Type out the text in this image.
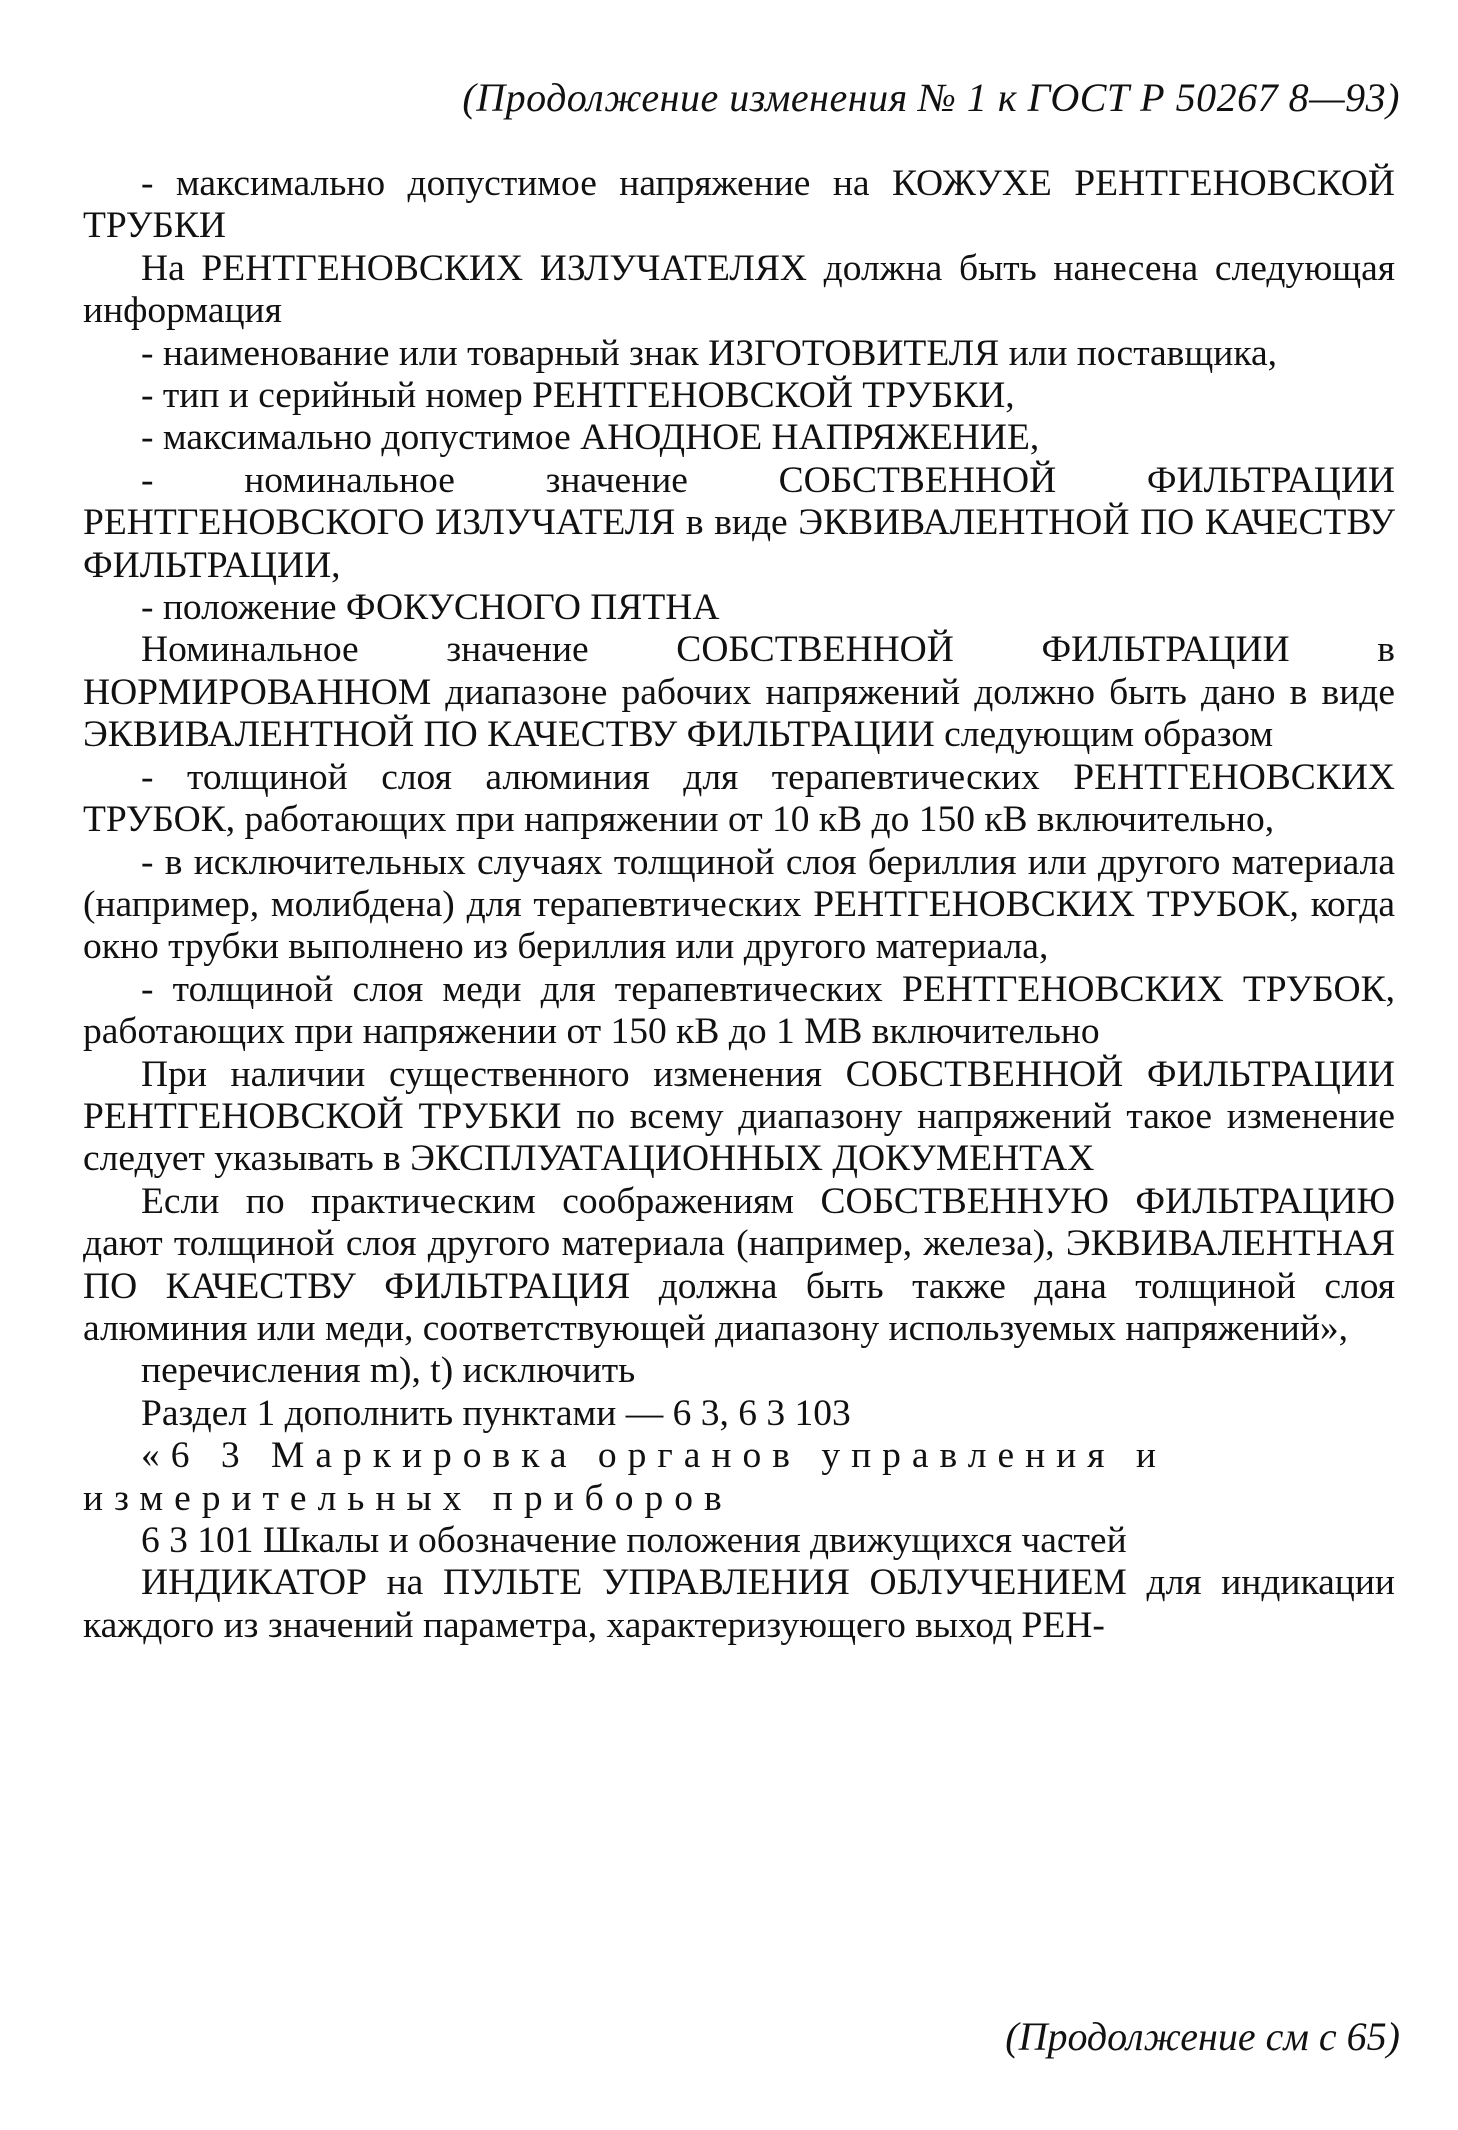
(Продолжение изменения № 1 к ГОСТ Р 50267 8—93)

- максимально допустимое напряжение на КОЖУХЕ РЕНТГЕНОВСКОЙ ТРУБКИ

На РЕНТГЕНОВСКИХ ИЗЛУЧАТЕЛЯХ должна быть нанесена следующая информация

- наименование или товарный знак ИЗГОТОВИТЕЛЯ или поставщика,

- тип и серийный номер РЕНТГЕНОВСКОЙ ТРУБКИ,

- максимально допустимое АНОДНОЕ НАПРЯЖЕНИЕ,

- номинальное значение СОБСТВЕННОЙ ФИЛЬТРАЦИИ РЕНТГЕНОВСКОГО ИЗЛУЧАТЕЛЯ в виде ЭКВИВАЛЕНТНОЙ ПО КАЧЕСТВУ ФИЛЬТРАЦИИ,

- положение ФОКУСНОГО ПЯТНА

Номинальное значение СОБСТВЕННОЙ ФИЛЬТРАЦИИ в НОРМИРОВАННОМ диапазоне рабочих напряжений должно быть дано в виде ЭКВИВАЛЕНТНОЙ ПО КАЧЕСТВУ ФИЛЬТРАЦИИ следующим образом

- толщиной слоя алюминия для терапевтических РЕНТГЕНОВСКИХ ТРУБОК, работающих при напряжении от 10 кВ до 150 кВ включительно,

- в исключительных случаях толщиной слоя бериллия или другого материала (например, молибдена) для терапевтических РЕНТГЕНОВСКИХ ТРУБОК, когда окно трубки выполнено из бериллия или другого материала,

- толщиной слоя меди для терапевтических РЕНТГЕНОВСКИХ ТРУБОК, работающих при напряжении от 150 кВ до 1 МВ включительно

При наличии существенного изменения СОБСТВЕННОЙ ФИЛЬТРАЦИИ РЕНТГЕНОВСКОЙ ТРУБКИ по всему диапазону напряжений такое изменение следует указывать в ЭКСПЛУАТАЦИОННЫХ ДОКУМЕНТАХ

Если по практическим соображениям СОБСТВЕННУЮ ФИЛЬТРАЦИЮ дают толщиной слоя другого материала (например, железа), ЭКВИВАЛЕНТНАЯ ПО КАЧЕСТВУ ФИЛЬТРАЦИЯ должна быть также дана толщиной слоя алюминия или меди, соответствующей диапазону используемых напряжений»,

перечисления m), t) исключить

Раздел 1 дополнить пунктами — 6 3, 6 3 103

«6 3 Маркировка органов управления и измерительных приборов

6 3 101 Шкалы и обозначение положения движущихся частей

ИНДИКАТОР на ПУЛЬТЕ УПРАВЛЕНИЯ ОБЛУЧЕНИЕМ для индикации каждого из значений параметра, характеризующего выход РЕН-

(Продолжение см с 65)
